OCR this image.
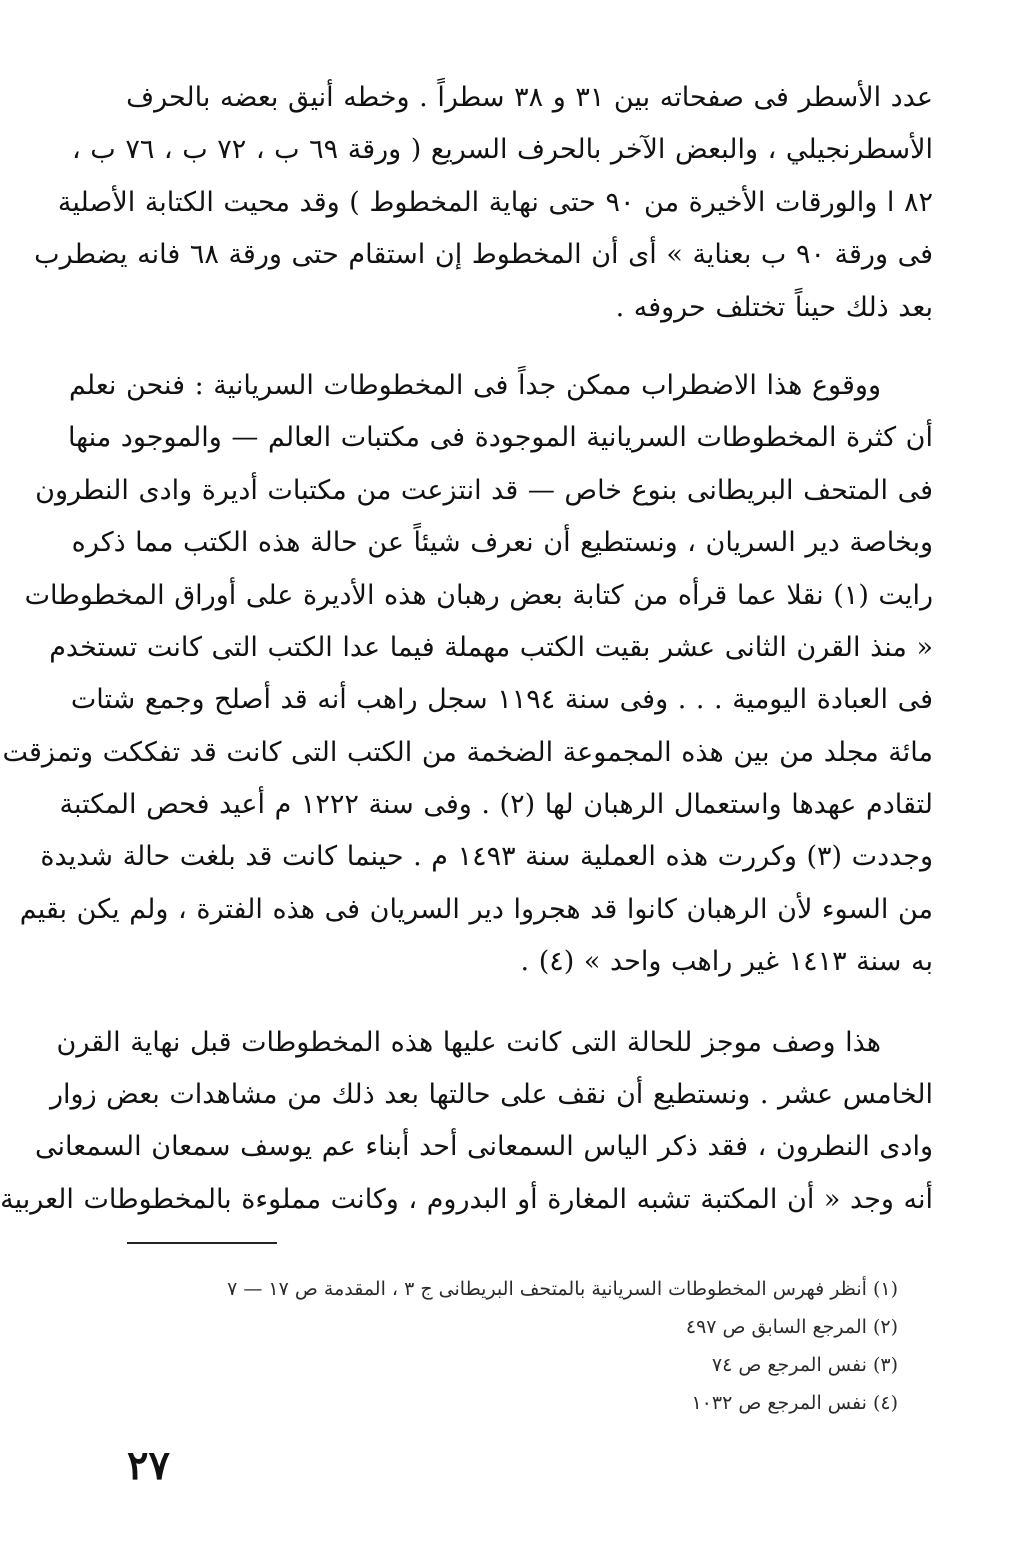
عدد الأسطر فى صفحاته بين ٣١ و ٣٨ سطراً . وخطه أنيق بعضه بالحرف
الأسطرنجيلي ، والبعض الآخر بالحرف السريع ( ورقة ٦٩ ب ، ٧٢ ب ، ٧٦ ب ،
٨٢ ا والورقات الأخيرة من ٩٠ حتى نهاية المخطوط ) وقد محيت الكتابة الأصلية
فى ورقة ٩٠ ب بعناية » أى أن المخطوط إن استقام حتى ورقة ٦٨ فانه يضطرب
بعد ذلك حيناً تختلف حروفه .

ووقوع هذا الاضطراب ممكن جداً فى المخطوطات السريانية : فنحن نعلم
أن كثرة المخطوطات السريانية الموجودة فى مكتبات العالم — والموجود منها
فى المتحف البريطانى بنوع خاص — قد انتزعت من مكتبات أديرة وادى النطرون
وبخاصة دير السريان ، ونستطيع أن نعرف شيئاً عن حالة هذه الكتب مما ذكره
رايت (١) نقلا عما قرأه من كتابة بعض رهبان هذه الأديرة على أوراق المخطوطات
« منذ القرن الثانى عشر بقيت الكتب مهملة فيما عدا الكتب التى كانت تستخدم
فى العبادة اليومية . . . وفى سنة ١١٩٤ سجل راهب أنه قد أصلح وجمع شتات
مائة مجلد من بين هذه المجموعة الضخمة من الكتب التى كانت قد تفككت وتمزقت
لتقادم عهدها واستعمال الرهبان لها (٢) . وفى سنة ١٢٢٢ م أعيد فحص المكتبة
وجددت (٣) وكررت هذه العملية سنة ١٤٩٣ م . حينما كانت قد بلغت حالة شديدة
من السوء لأن الرهبان كانوا قد هجروا دير السريان فى هذه الفترة ، ولم يكن بقيم
به سنة ١٤١٣ غير راهب واحد » (٤) .

هذا وصف موجز للحالة التى كانت عليها هذه المخطوطات قبل نهاية القرن
الخامس عشر . ونستطيع أن نقف على حالتها بعد ذلك من مشاهدات بعض زوار
وادى النطرون ، فقد ذكر الياس السمعانى أحد أبناء عم يوسف سمعان السمعانى
أنه وجد « أن المكتبة تشبه المغارة أو البدروم ، وكانت مملوءة بالمخطوطات العربية

(١) أنظر فهرس المخطوطات السريانية بالمتحف البريطانى ج ٣ ، المقدمة ص ١٧ — ٧
(٢) المرجع السابق ص ٤٩٧
(٣) نفس المرجع ص ٧٤
(٤) نفس المرجع ص ١٠٣٢
٢٧
